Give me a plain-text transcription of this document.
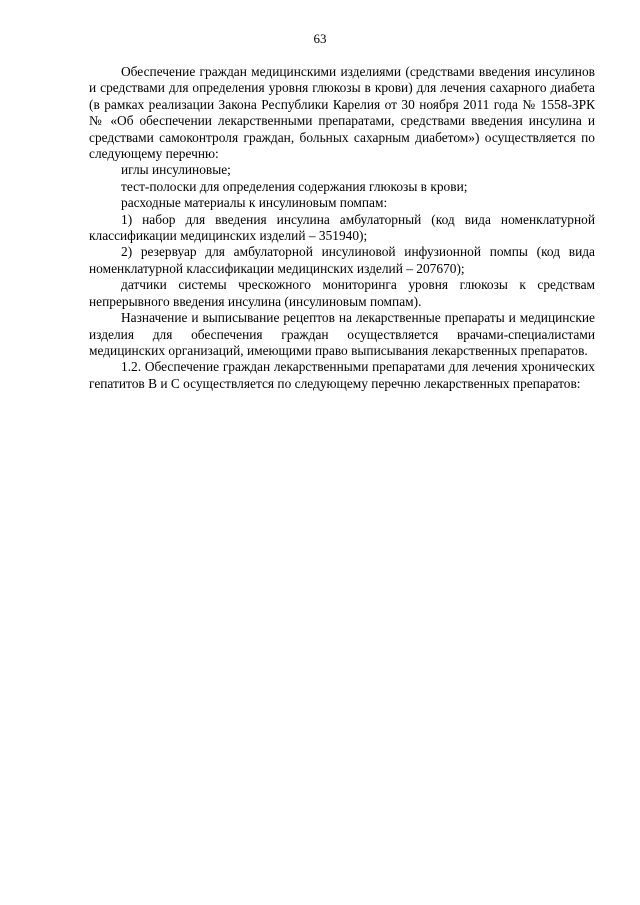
63

Обеспечение граждан медицинскими изделиями (средствами введения инсулинов и средствами для определения уровня глюкозы в крови) для лечения сахарного диабета (в рамках реализации Закона Республики Карелия от 30 ноября 2011 года № 1558-ЗРК № «Об обеспечении лекарственными препаратами, средствами введения инсулина и средствами самоконтроля граждан, больных сахарным диабетом») осуществляется по следующему перечню:

иглы инсулиновые;

тест-полоски для определения содержания глюкозы в крови;

расходные материалы к инсулиновым помпам:

1) набор для введения инсулина амбулаторный (код вида номенклатурной классификации медицинских изделий – 351940);

2) резервуар для амбулаторной инсулиновой инфузионной помпы (код вида номенклатурной классификации медицинских изделий – 207670);

датчики системы чрескожного мониторинга уровня глюкозы к средствам непрерывного введения инсулина (инсулиновым помпам).

Назначение и выписывание рецептов на лекарственные препараты и медицинские изделия для обеспечения граждан осуществляется врачами-специалистами медицинских организаций, имеющими право выписывания лекарственных препаратов.

1.2. Обеспечение граждан лекарственными препаратами для лечения хронических гепатитов В и С осуществляется по следующему перечню лекарственных препаратов:
